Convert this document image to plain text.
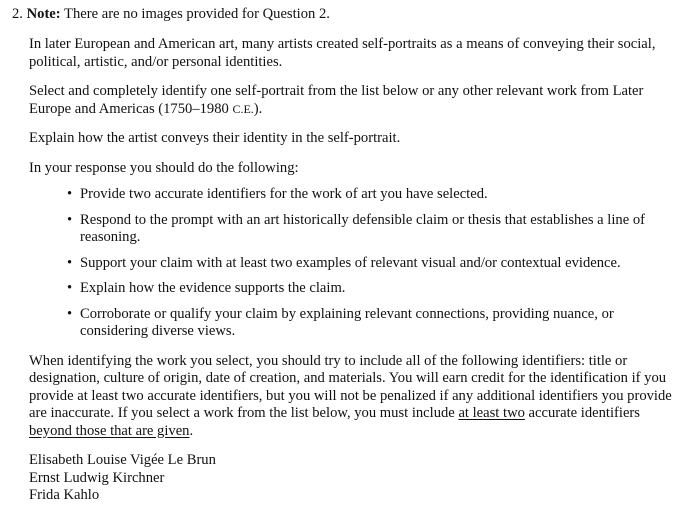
2. Note: There are no images provided for Question 2.

In later European and American art, many artists created self-portraits as a means of conveying their social, political, artistic, and/or personal identities.

Select and completely identify one self-portrait from the list below or any other relevant work from Later Europe and Americas (1750–1980 C.E.).

Explain how the artist conveys their identity in the self-portrait.

In your response you should do the following:

• Provide two accurate identifiers for the work of art you have selected.
• Respond to the prompt with an art historically defensible claim or thesis that establishes a line of reasoning.
• Support your claim with at least two examples of relevant visual and/or contextual evidence.
• Explain how the evidence supports the claim.
• Corroborate or qualify your claim by explaining relevant connections, providing nuance, or considering diverse views.

When identifying the work you select, you should try to include all of the following identifiers: title or designation, culture of origin, date of creation, and materials. You will earn credit for the identification if you provide at least two accurate identifiers, but you will not be penalized if any additional identifiers you provide are inaccurate. If you select a work from the list below, you must include at least two accurate identifiers beyond those that are given.

Elisabeth Louise Vigée Le Brun
Ernst Ludwig Kirchner
Frida Kahlo
